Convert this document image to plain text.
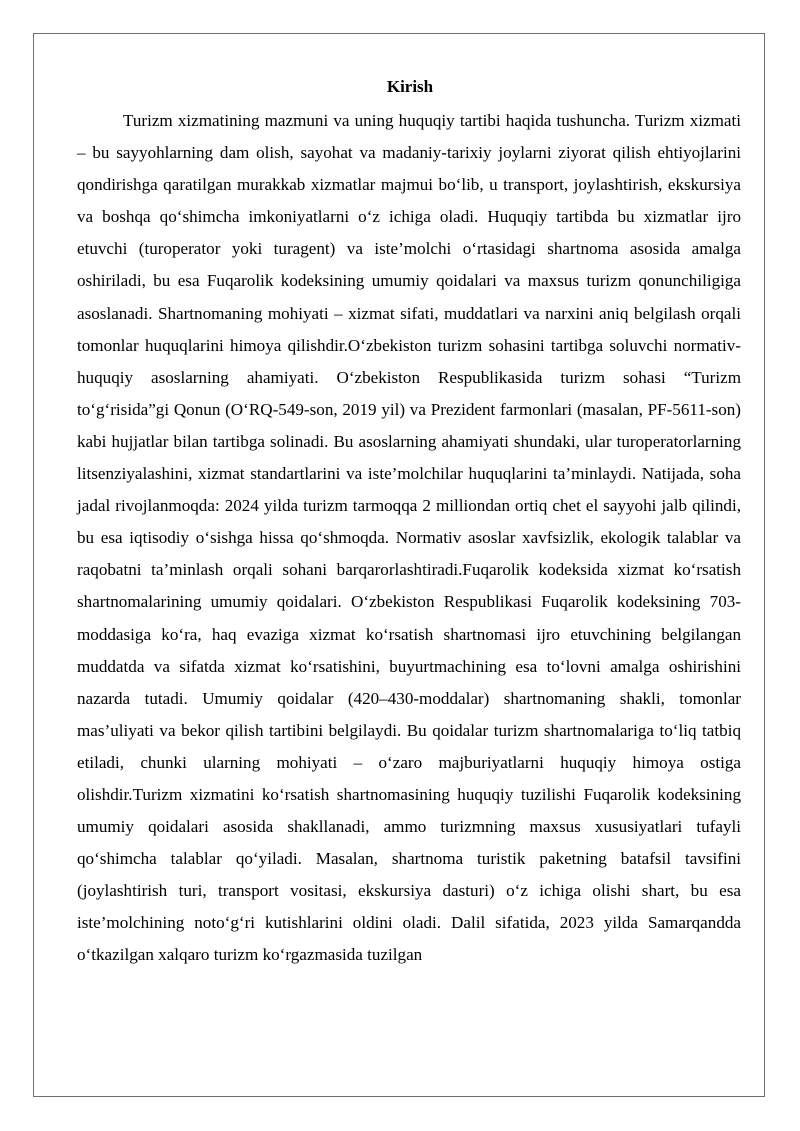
Kirish

Turizm xizmatining mazmuni va uning huquqiy tartibi haqida tushuncha. Turizm xizmati – bu sayyohlarning dam olish, sayohat va madaniy-tarixiy joylarni ziyorat qilish ehtiyojlarini qondirishga qaratilgan murakkab xizmatlar majmui bo‘lib, u transport, joylashtirish, ekskursiya va boshqa qo‘shimcha imkoniyatlarni o‘z ichiga oladi. Huquqiy tartibda bu xizmatlar ijro etuvchi (turoperator yoki turagent) va iste’molchi o‘rtasidagi shartnoma asosida amalga oshiriladi, bu esa Fuqarolik kodeksining umumiy qoidalari va maxsus turizm qonunchiligiga asoslanadi. Shartnomaning mohiyati – xizmat sifati, muddatlari va narxini aniq belgilash orqali tomonlar huquqlarini himoya qilishdir.O‘zbekiston turizm sohasini tartibga soluvchi normativ-huquqiy asoslarning ahamiyati. O‘zbekiston Respublikasida turizm sohasi “Turizm to‘g‘risida”gi Qonun (O‘RQ-549-son, 2019 yil) va Prezident farmonlari (masalan, PF-5611-son) kabi hujjatlar bilan tartibga solinadi. Bu asoslarning ahamiyati shundaki, ular turoperatorlarning litsenziyalashini, xizmat standartlarini va iste’molchilar huquqlarini ta’minlaydi. Natijada, soha jadal rivojlanmoqda: 2024 yilda turizm tarmoqqa 2 milliondan ortiq chet el sayyohi jalb qilindi, bu esa iqtisodiy o‘sishga hissa qo‘shmoqda. Normativ asoslar xavfsizlik, ekologik talablar va raqobatni ta’minlash orqali sohani barqarorlashtiradi.Fuqarolik kodeksida xizmat ko‘rsatish shartnomalarining umumiy qoidalari. O‘zbekiston Respublikasi Fuqarolik kodeksining 703-moddasiga ko‘ra, haq evaziga xizmat ko‘rsatish shartnomasi ijro etuvchining belgilangan muddatda va sifatda xizmat ko‘rsatishini, buyurtmachining esa to‘lovni amalga oshirishini nazarda tutadi. Umumiy qoidalar (420–430-moddalar) shartnomaning shakli, tomonlar mas’uliyati va bekor qilish tartibini belgilaydi. Bu qoidalar turizm shartnomalariga to‘liq tatbiq etiladi, chunki ularning mohiyati – o‘zaro majburiyatlarni huquqiy himoya ostiga olishdir.Turizm xizmatini ko‘rsatish shartnomasining huquqiy tuzilishi Fuqarolik kodeksining umumiy qoidalari asosida shakllanadi, ammo turizmning maxsus xususiyatlari tufayli qo‘shimcha talablar qo‘yiladi. Masalan, shartnoma turistik paketning batafsil tavsifini (joylashtirish turi, transport vositasi, ekskursiya dasturi) o‘z ichiga olishi shart, bu esa iste’molchining noto‘g‘ri kutishlarini oldini oladi. Dalil sifatida, 2023 yilda Samarqandda o‘tkazilgan xalqaro turizm ko‘rgazmasida tuzilgan
